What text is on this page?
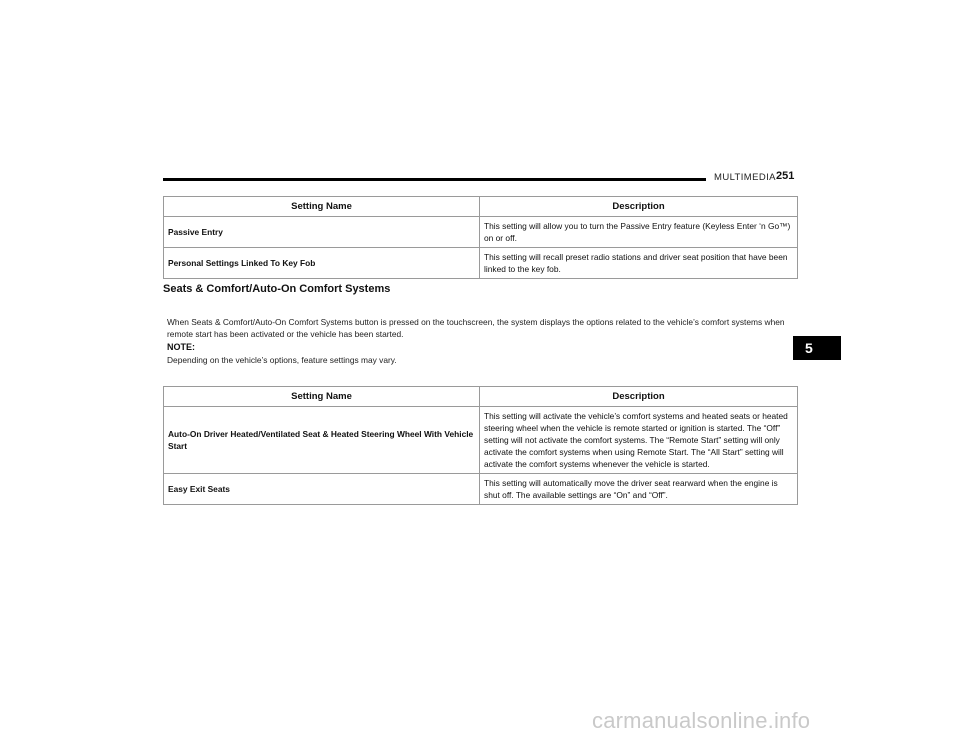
MULTIMEDIA 251
5
Setting Name	Description
Passive Entry	This setting will allow you to turn the Passive Entry feature (Keyless Enter ‘n Go™) on or off.
Personal Settings Linked To Key Fob	This setting will recall preset radio stations and driver seat position that have been linked to the key fob.
Seats & Comfort/Auto-On Comfort Systems
When Seats & Comfort/Auto-On Comfort Systems button is pressed on the touchscreen, the system displays the options related to the vehicle’s comfort systems when remote start has been activated or the vehicle has been started.
NOTE:
Depending on the vehicle’s options, feature settings may vary.
Setting Name	Description
Auto-On Driver Heated/Ventilated Seat & Heated Steering Wheel With Vehicle Start	This setting will activate the vehicle’s comfort systems and heated seats or heated steering wheel when the vehicle is remote started or ignition is started. The “Off” setting will not activate the comfort systems. The “Remote Start” setting will only activate the comfort systems when using Remote Start. The “All Start” setting will activate the comfort systems whenever the vehicle is started.
Easy Exit Seats	This setting will automatically move the driver seat rearward when the engine is shut off. The available settings are “On” and “Off”.
carmanualsonline.info
